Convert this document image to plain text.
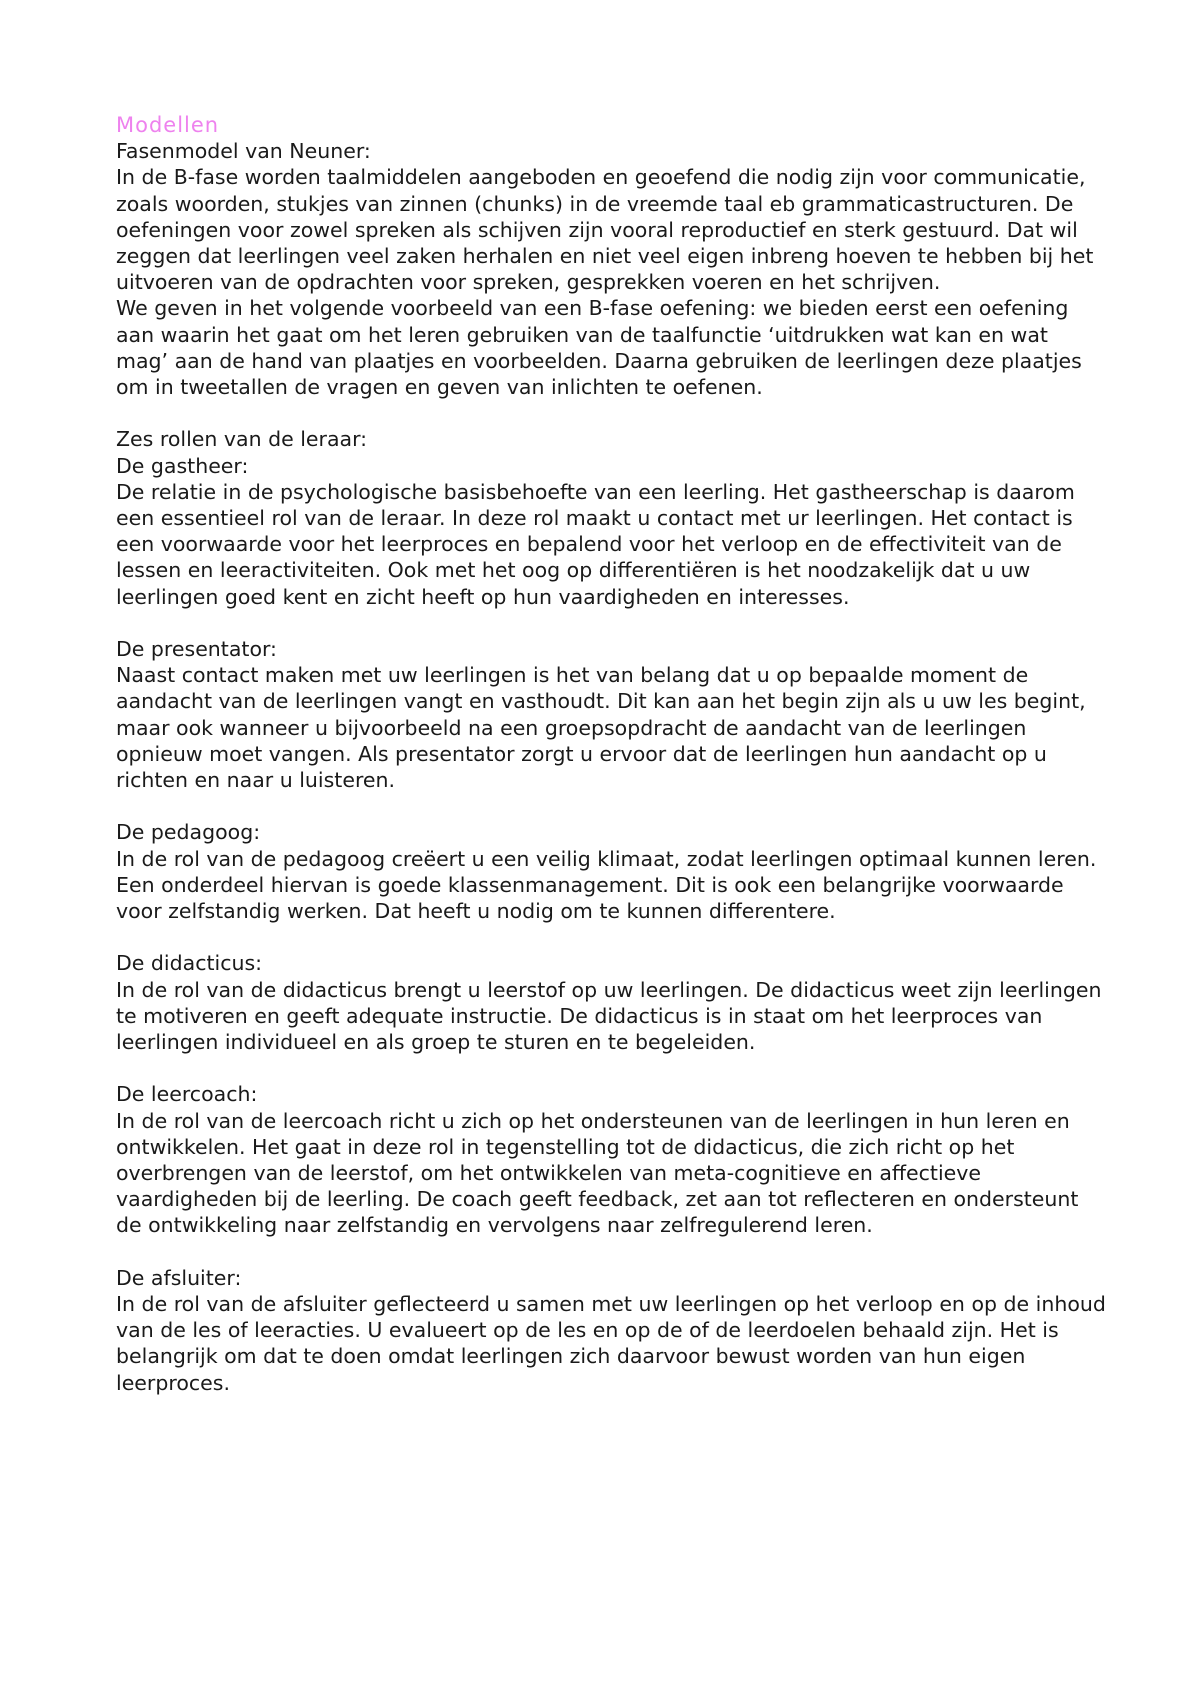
Modellen

Fasenmodel van Neuner:

In de B-fase worden taalmiddelen aangeboden en geoefend die nodig zijn voor communicatie, zoals woorden, stukjes van zinnen (chunks) in de vreemde taal eb grammaticastructuren. De oefeningen voor zowel spreken als schijven zijn vooral reproductief en sterk gestuurd. Dat wil zeggen dat leerlingen veel zaken herhalen en niet veel eigen inbreng hoeven te hebben bij het uitvoeren van de opdrachten voor spreken, gesprekken voeren en het schrijven.

We geven in het volgende voorbeeld van een B-fase oefening: we bieden eerst een oefening aan waarin het gaat om het leren gebruiken van de taalfunctie ‘uitdrukken wat kan en wat mag’ aan de hand van plaatjes en voorbeelden. Daarna gebruiken de leerlingen deze plaatjes om in tweetallen de vragen en geven van inlichten te oefenen.

Zes rollen van de leraar:

De gastheer:

De relatie in de psychologische basisbehoefte van een leerling. Het gastheerschap is daarom een essentieel rol van de leraar. In deze rol maakt u contact met ur leerlingen. Het contact is een voorwaarde voor het leerproces en bepalend voor het verloop en de effectiviteit van de lessen en leeractiviteiten. Ook met het oog op differentiëren is het noodzakelijk dat u uw leerlingen goed kent en zicht heeft op hun vaardigheden en interesses.

De presentator:

Naast contact maken met uw leerlingen is het van belang dat u op bepaalde moment de aandacht van de leerlingen vangt en vasthoudt. Dit kan aan het begin zijn als u uw les begint, maar ook wanneer u bijvoorbeeld na een groepsopdracht de aandacht van de leerlingen opnieuw moet vangen. Als presentator zorgt u ervoor dat de leerlingen hun aandacht op u richten en naar u luisteren.

De pedagoog:

In de rol van de pedagoog creëert u een veilig klimaat, zodat leerlingen optimaal kunnen leren. Een onderdeel hiervan is goede klassenmanagement. Dit is ook een belangrijke voorwaarde voor zelfstandig werken. Dat heeft u nodig om te kunnen differentere.

De didacticus:

In de rol van de didacticus brengt u leerstof op uw leerlingen. De didacticus weet zijn leerlingen te motiveren en geeft adequate instructie. De didacticus is in staat om het leerproces van leerlingen individueel en als groep te sturen en te begeleiden.

De leercoach:

In de rol van de leercoach richt u zich op het ondersteunen van de leerlingen in hun leren en ontwikkelen. Het gaat in deze rol in tegenstelling tot de didacticus, die zich richt op het overbrengen van de leerstof, om het ontwikkelen van meta-cognitieve en affectieve vaardigheden bij de leerling. De coach geeft feedback, zet aan tot reflecteren en ondersteunt de ontwikkeling naar zelfstandig en vervolgens naar zelfregulerend leren.

De afsluiter:

In de rol van de afsluiter geflecteerd u samen met uw leerlingen op het verloop en op de inhoud van de les of leeracties. U evalueert op de les en op de of de leerdoelen behaald zijn. Het is belangrijk om dat te doen omdat leerlingen zich daarvoor bewust worden van hun eigen leerproces.
